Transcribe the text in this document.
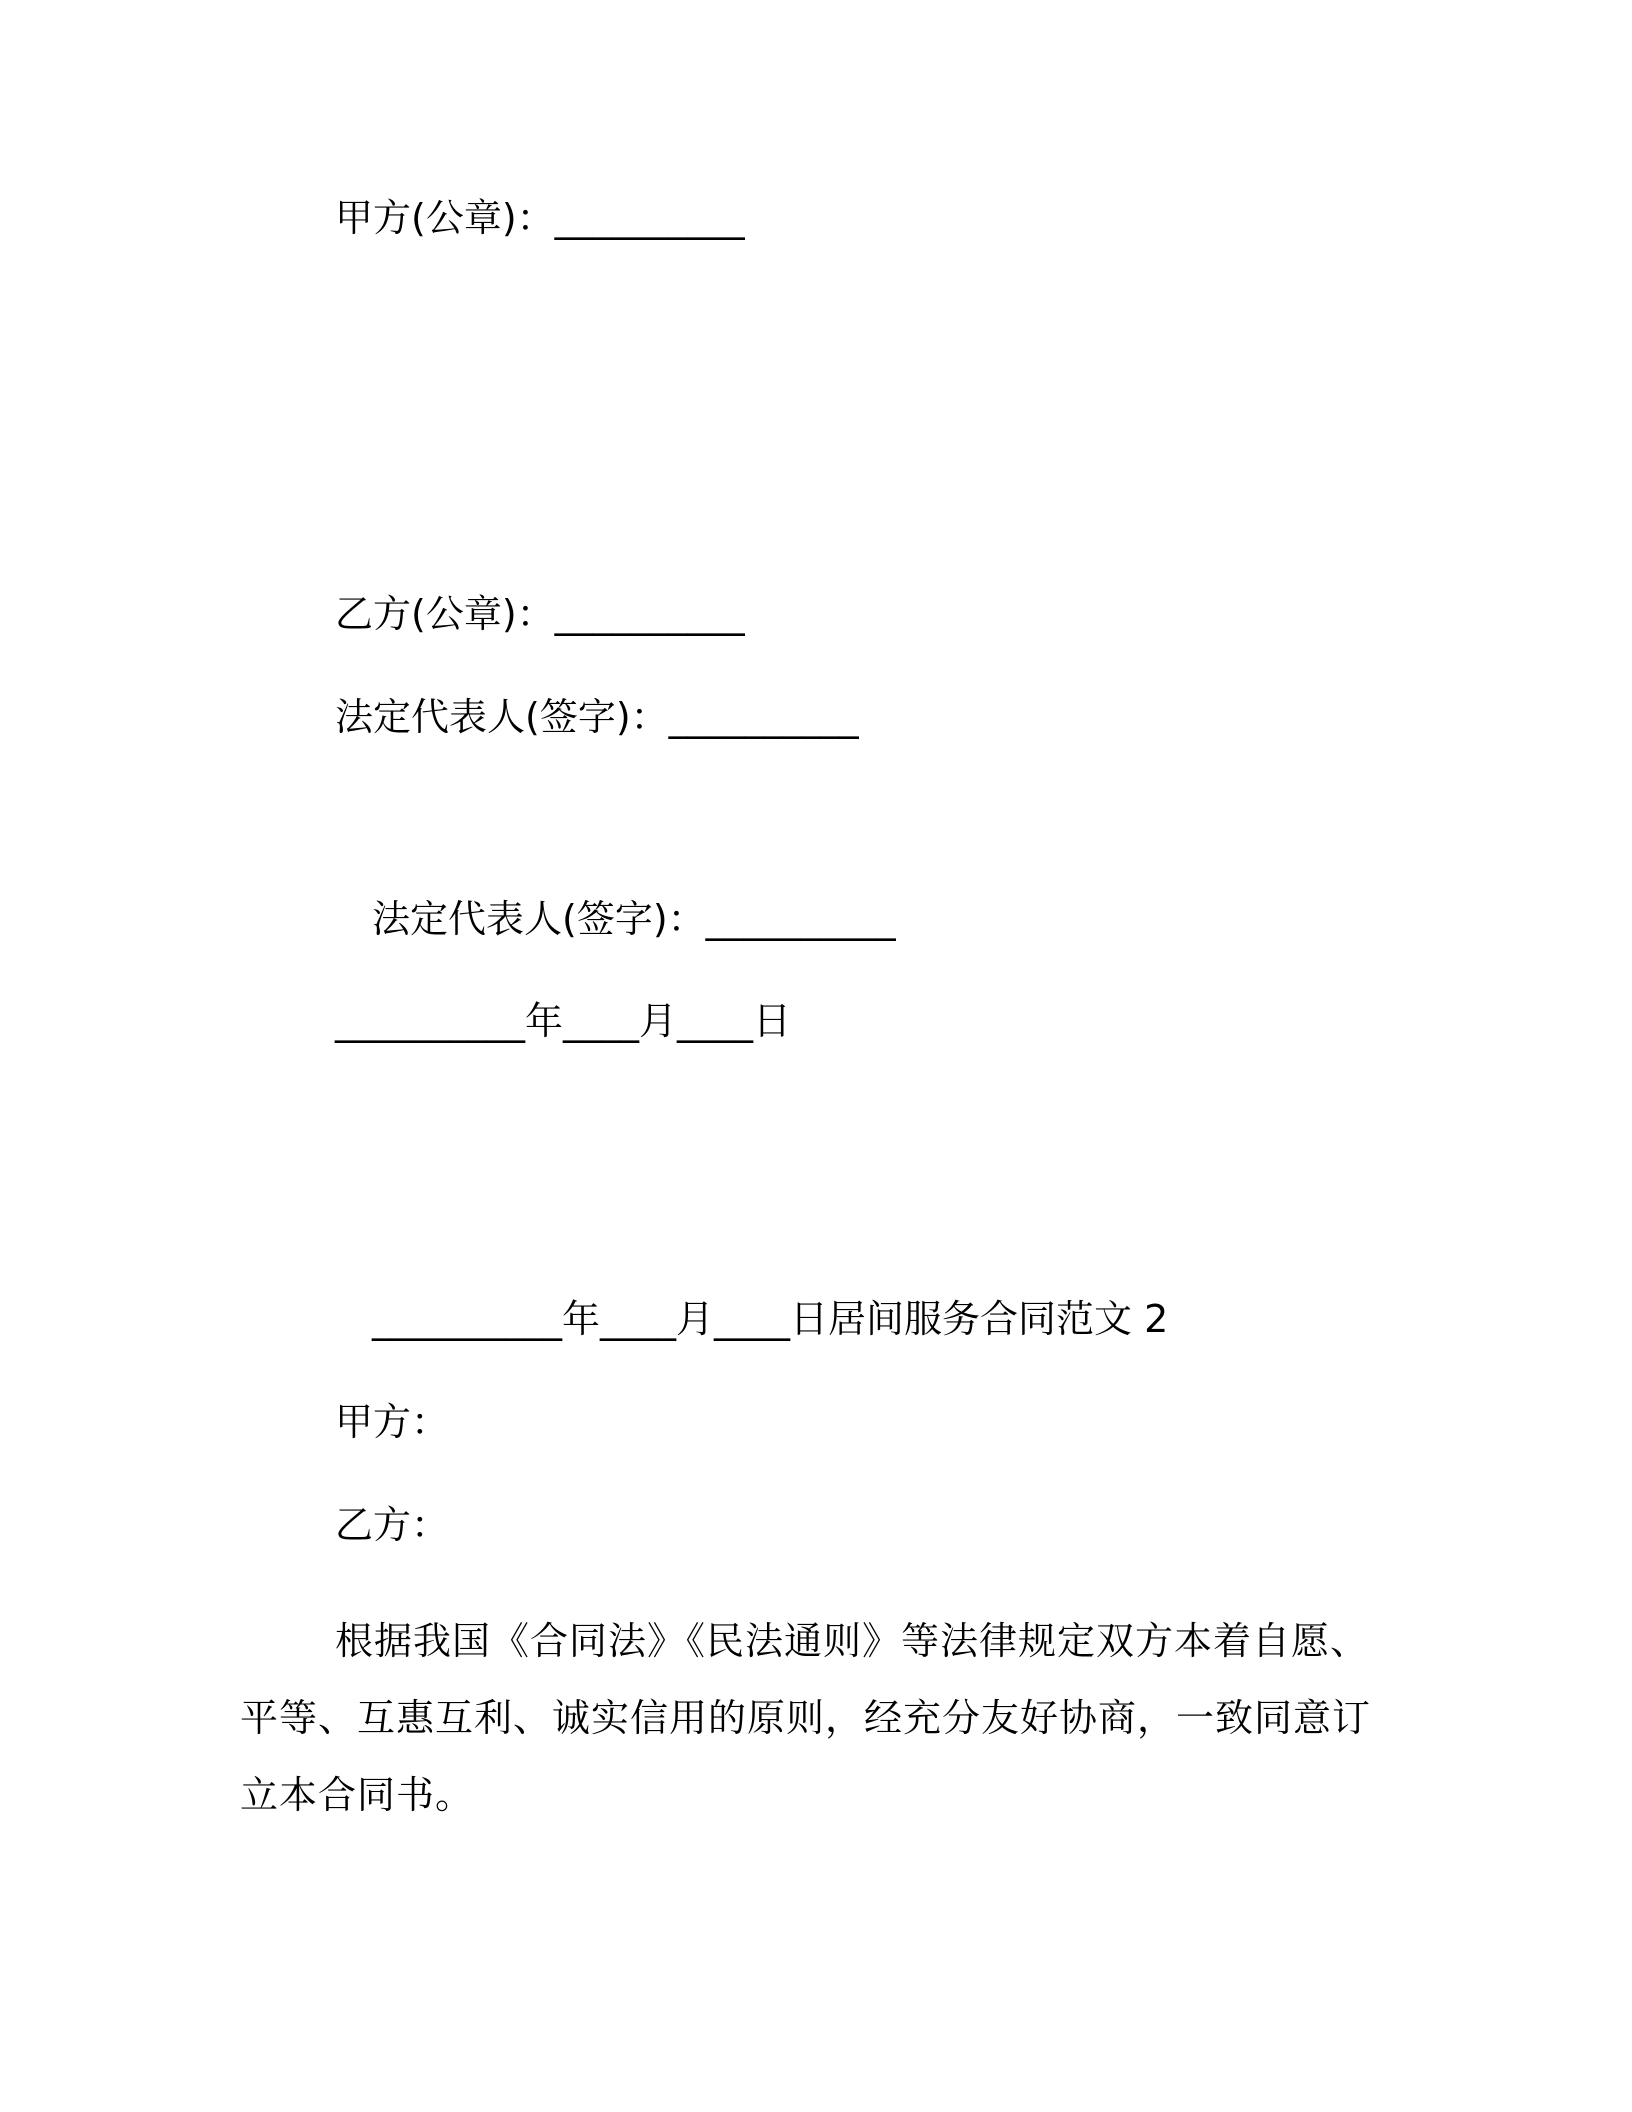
甲方(公章)：__________
乙方(公章)：__________
法定代表人(签字)：__________
法定代表人(签字)：__________
__________年____月____日
__________年____月____日居间服务合同范文 2
甲方：
乙方：
根据我国《合同法》《民法通则》等法律规定双方本着自愿、平等、互惠互利、诚实信用的原则，经充分友好协商，一致同意订立本合同书。
